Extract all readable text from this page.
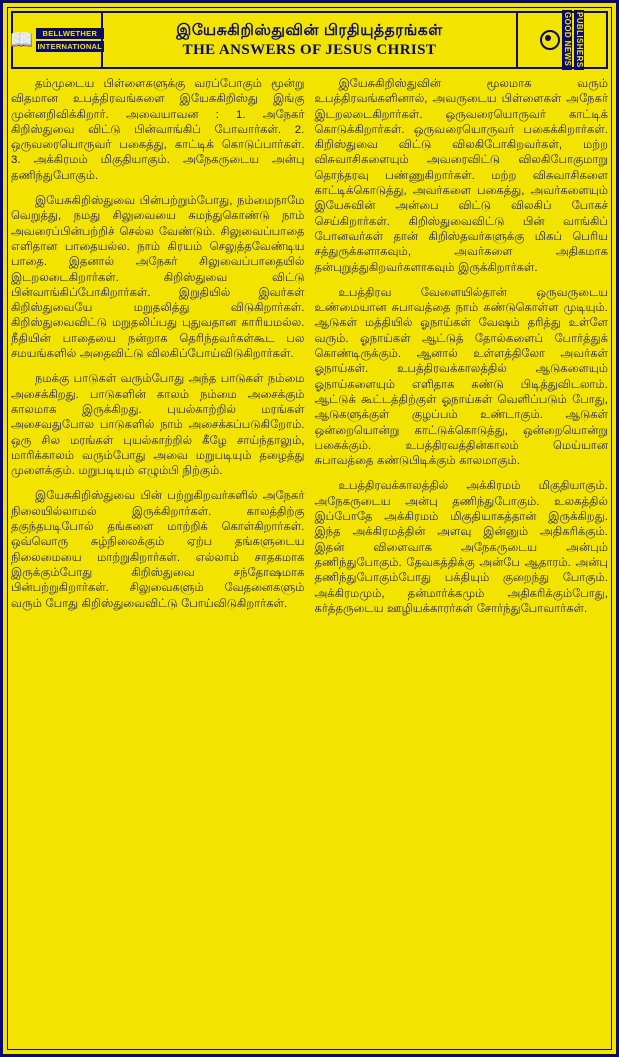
📖	BELLWETHER
INTERNATIONAL
இயேசுகிறிஸ்துவின் பிரதியுத்தரங்கள்
THE ANSWERS OF JESUS CHRIST	GOOD NEWS PUBLISHERS

தம்முடைய பிள்ளைகளுக்கு வரப்போகும் மூன்று விதமான உபத்திரவங்களை இயேசுகிறிஸ்து இங்கு முன்னறிவிக்கிறார். அவையாவன : 1. அநேகர் கிறிஸ்துவை விட்டு பின்வாங்கிப் போவார்கள். 2. ஒருவரையொருவர் பகைத்து, காட்டிக் கொடுப்பார்கள். 3. அக்கிரமம் மிகுதியாகும். அநேகருடைய அன்பு தணிந்துபோகும்.

இயேசுகிறிஸ்துவை பின்பற்றும்போது, நம்மைநாமே வெறுத்து, நமது சிலுவையை சுமந்துகொண்டு நாம் அவரைப்பின்பற்றிச் செல்ல வேண்டும். சிலுவைப்பாதை எளிதான பாதையல்ல. நாம் கிரயம் செலுத்தவேண்டிய பாதை. இதனால் அநேகர் சிலுவைப்பாதையில் இடறலடைகிறார்கள். கிறிஸ்துவை விட்டு பின்வாங்கிப்போகிறார்கள். இறுதியில் இவர்கள் கிறிஸ்துவையே மறுதலித்து விடுகிறார்கள். கிறிஸ்துவைவிட்டு மறுதலிப்பது புதுவதான காரியமல்ல. நீதியின் பாதையை நன்றாக தெரிந்தவர்கள்கூட பல சமயங்களில் அதைவிட்டு விலகிப்போய்விடுகிறார்கள்.

நமக்கு பாடுகள் வரும்போது அந்த பாடுகள் நம்மை அசைக்கிறது. பாடுகளின் காலம் நம்மை அசைக்கும் காலமாக இருக்கிறது. புயல்காற்றில் மரங்கள் அசைவதுபோல பாடுகளில் நாம் அசைக்கப்படுகிறோம். ஒரு சில மரங்கள் புயல்காற்றில் கீழே சாய்ந்தாலும், மாரிக்காலம் வரும்போது அவை மறுபடியும் தழைத்து முளைக்கும். மறுபடியும் எழும்பி நிற்கும்.

இயேசுகிறிஸ்துவை பின் பற்றுகிறவர்களில் அநேகர் நிலையில்லாமல் இருக்கிறார்கள். காலத்திற்கு தகுந்தபடிபோல் தங்களை மாற்றிக் கொள்கிறார்கள். ஒவ்வொரு சுழ்நிலைக்கும் ஏற்ப தங்களுடைய நிலைமையை மாற்றுகிறார்கள். எல்லாம் சாதகமாக இருக்கும்போது கிறிஸ்துவை சந்தோஷமாக பின்பற்றுகிறார்கள். சிலுவைகளும் வேதனைகளும் வரும் போது கிறிஸ்துவைவிட்டு போய்விடுகிறார்கள்.

இயேசுகிறிஸ்துவின் மூலமாக வரும் உபத்திரவங்களினால், அவருடைய பிள்ளைகள் அநேகர் இடறலடைகிறார்கள். ஒருவரையொருவர் காட்டிக் கொடுக்கிறார்கள். ஒருவரையொருவர் பகைக்கிறார்கள். கிறிஸ்துவை விட்டு விலகிபோகிறவர்கள், மற்ற விசுவாசிகளையும் அவரைவிட்டு விலகிபோகுமாறு தொந்தரவு பண்ணுகிறார்கள். மற்ற விசுவாசிகளை காட்டிக்கொடுத்து, அவர்களை பகைத்து, அவர்களையும் இயேசுவின் அன்பை விட்டு விலகிப் போகச் செய்கிறார்கள். கிறிஸ்துவைவிட்டு பின் வாங்கிப் போனவர்கள் தான் கிறிஸ்தவர்களுக்கு மிகப் பெரிய சத்துருக்களாகவும், அவர்களை அதிகமாக தன்புறுத்துகிறவர்களாகவும் இருக்கிறார்கள்.

உபத்திரவ வேளையில்தான் ஒருவருடைய உண்மையான சுபாவத்தை நாம் கண்டுகொள்ள முடியும். ஆடுகள் மத்தியில் ஓநாய்கள் வேஷம் தரித்து உள்ளே வரும். ஓநாய்கள் ஆட்டுத் தோல்களைப் போர்த்துக் கொண்டிருக்கும். ஆனால் உள்ளத்திலோ அவர்கள் ஓநாய்கள். உபத்திரவக்காலத்தில் ஆடுகளையும் ஓநாய்களையும் எளிதாக கண்டு பிடித்துவிடலாம். ஆட்டுக் கூட்டத்திற்குள் ஓநாய்கள் வெளிப்படும் போது, ஆடுகளுக்குள் குழப்பம் உண்டாகும். ஆடுகள் ஒன்றையொன்று காட்டுக்கொடுத்து, ஒன்றையொன்று பகைக்கும். உபத்திரவத்தின்காலம் மெய்யான சுபாவத்தை கண்டுபிடிக்கும் காலமாகும்.

உபத்திரவக்காலத்தில் அக்கிரமம் மிகுதியாகும். அநேகருடைய அன்பு தணிந்துபோகும். உலகத்தில் இப்போதே அக்கிரமம் மிகுதியாகத்தான் இருக்கிறது. இந்த அக்கிரமத்தின் அளவு இன்னும் அதிகரிக்கும். இதன் விளைவாக அநேகருடைய அன்பும் தணிந்துபோகும். தேவகத்திக்கு அன்பே ஆதாரம். அன்பு தணிந்துபோகும்போது பக்தியும் குறைந்து போகும். அக்கிரமமும், தன்மார்க்கமும் அதிகரிக்கும்போது, கர்த்தருடைய ஊழியக்காரர்கள் சோர்ந்துபோவார்கள்.
